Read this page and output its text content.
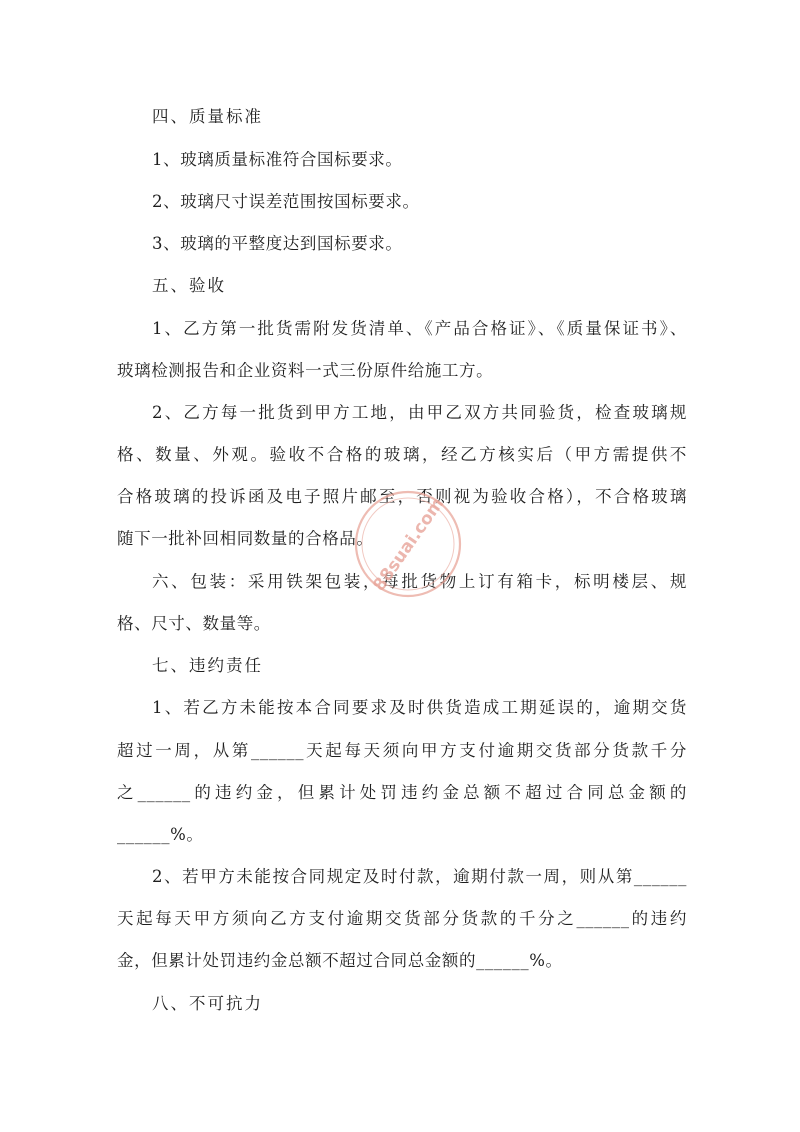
四、质量标准
1、玻璃质量标准符合国标要求。
2、玻璃尺寸误差范围按国标要求。
3、玻璃的平整度达到国标要求。
五、验收
1、乙方第一批货需附发货清单、《产品合格证》、《质量保证书》、
玻璃检测报告和企业资料一式三份原件给施工方。
2、乙方每一批货到甲方工地，由甲乙双方共同验货，检查玻璃规
格、数量、外观。验收不合格的玻璃，经乙方核实后（甲方需提供不
合格玻璃的投诉函及电子照片邮至，否则视为验收合格），不合格玻璃
随下一批补回相同数量的合格品。
六、包装：采用铁架包装，每批货物上订有箱卡，标明楼层、规
格、尺寸、数量等。
七、违约责任
1、若乙方未能按本合同要求及时供货造成工期延误的，逾期交货
超过一周，从第______天起每天须向甲方支付逾期交货部分货款千分
之______的违约金，但累计处罚违约金总额不超过合同总金额的
______%。
2、若甲方未能按合同规定及时付款，逾期付款一周，则从第______
天起每天甲方须向乙方支付逾期交货部分货款的千分之______的违约
金，但累计处罚违约金总额不超过合同总金额的______%。
八、不可抗力
88suai.com
